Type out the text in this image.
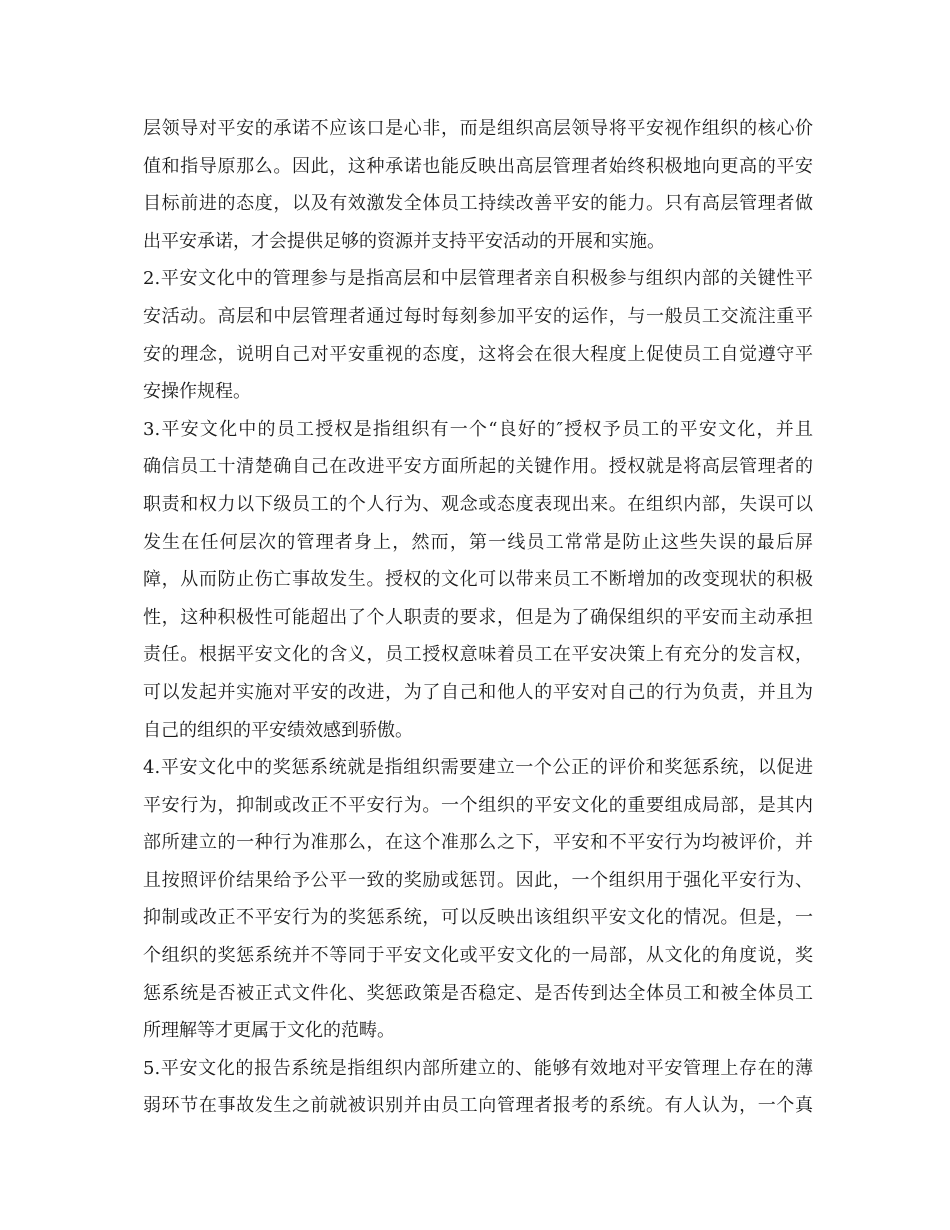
层领导对平安的承诺不应该口是心非，而是组织高层领导将平安视作组织的核心价
值和指导原那么。因此，这种承诺也能反映出高层管理者始终积极地向更高的平安
目标前进的态度，以及有效激发全体员工持续改善平安的能力。只有高层管理者做
出平安承诺，才会提供足够的资源并支持平安活动的开展和实施。
2.平安文化中的管理参与是指高层和中层管理者亲自积极参与组织内部的关键性平
安活动。高层和中层管理者通过每时每刻参加平安的运作，与一般员工交流注重平
安的理念，说明自己对平安重视的态度，这将会在很大程度上促使员工自觉遵守平
安操作规程。
3.平安文化中的员工授权是指组织有一个“良好的″授权予员工的平安文化，并且
确信员工十清楚确自己在改进平安方面所起的关键作用。授权就是将高层管理者的
职责和权力以下级员工的个人行为、观念或态度表现出来。在组织内部，失误可以
发生在任何层次的管理者身上，然而，第一线员工常常是防止这些失误的最后屏
障，从而防止伤亡事故发生。授权的文化可以带来员工不断增加的改变现状的积极
性，这种积极性可能超出了个人职责的要求，但是为了确保组织的平安而主动承担
责任。根据平安文化的含义，员工授权意味着员工在平安决策上有充分的发言权，
可以发起并实施对平安的改进，为了自己和他人的平安对自己的行为负责，并且为
自己的组织的平安绩效感到骄傲。
4.平安文化中的奖惩系统就是指组织需要建立一个公正的评价和奖惩系统，以促进
平安行为，抑制或改正不平安行为。一个组织的平安文化的重要组成局部，是其内
部所建立的一种行为准那么，在这个准那么之下，平安和不平安行为均被评价，并
且按照评价结果给予公平一致的奖励或惩罚。因此，一个组织用于强化平安行为、
抑制或改正不平安行为的奖惩系统，可以反映出该组织平安文化的情况。但是，一
个组织的奖惩系统并不等同于平安文化或平安文化的一局部，从文化的角度说，奖
惩系统是否被正式文件化、奖惩政策是否稳定、是否传到达全体员工和被全体员工
所理解等才更属于文化的范畴。
5.平安文化的报告系统是指组织内部所建立的、能够有效地对平安管理上存在的薄
弱环节在事故发生之前就被识别并由员工向管理者报考的系统。有人认为，一个真
